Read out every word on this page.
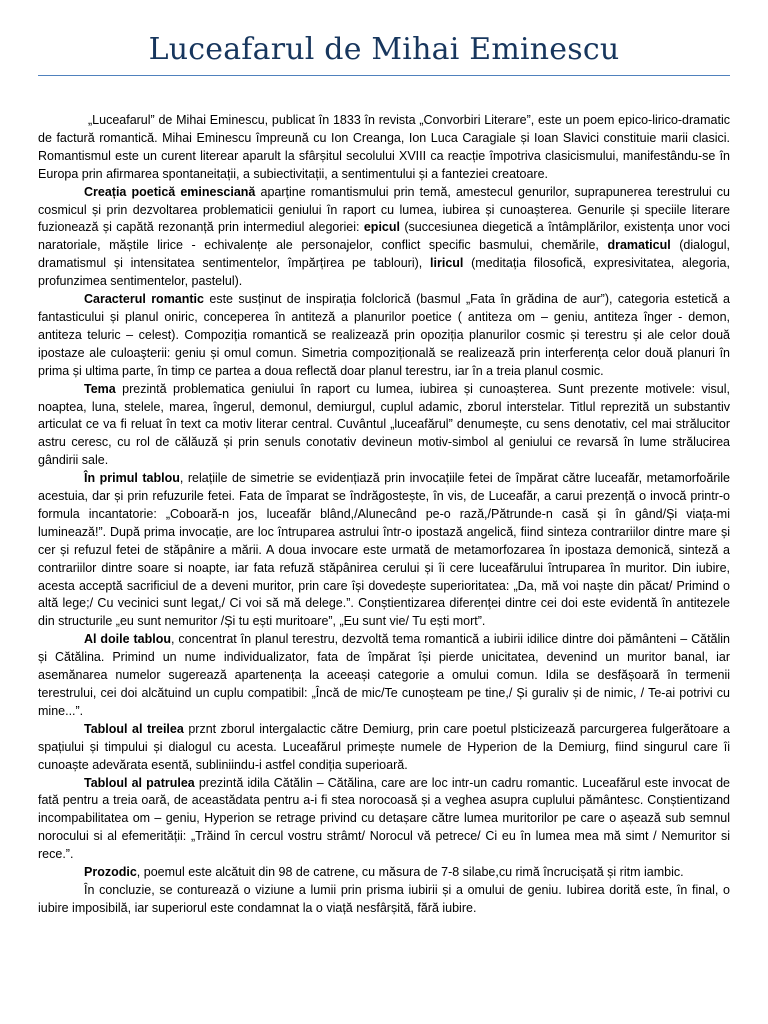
Luceafarul de Mihai Eminescu

„Luceafarul” de Mihai Eminescu, publicat în 1833 în revista „Convorbiri Literare”, este un poem epico-lirico-dramatic de factură romantică. Mihai Eminescu împreună cu Ion Creanga, Ion Luca Caragiale și Ioan Slavici constituie marii clasici. Romantismul este un curent literear aparult la sfârșitul secolului XVIII ca reacție împotriva clasicismului, manifestându-se în Europa prin afirmarea spontaneitații, a subiectivitații, a sentimentului și a fanteziei creatoare.

Creația poetică eminesciană aparține romantismului prin temă, amestecul genurilor, suprapunerea terestrului cu cosmicul și prin dezvoltarea problematicii geniului în raport cu lumea, iubirea și cunoașterea. Genurile și speciile literare fuzionează și capătă rezonanță prin intermediul alegoriei: epicul (succesiunea diegetică a întâmplărilor, existența unor voci naratoriale, măștile lirice - echivalențe ale personajelor, conflict specific basmului, chemările, dramaticul (dialogul, dramatismul și intensitatea sentimentelor, împărțirea pe tablouri), liricul (meditația filosofică, expresivitatea, alegoria, profunzimea sentimentelor, pastelul).

Caracterul romantic este susținut de inspirația folclorică (basmul „Fata în grădina de aur”), categoria estetică a fantasticului și planul oniric, conceperea în antiteză a planurilor poetice ( antiteza om – geniu, antiteza înger - demon, antiteza teluric – celest). Compoziția romantică se realizează prin opoziția planurilor cosmic și terestru și ale celor două ipostaze ale culoaşterii: geniu și omul comun. Simetria compozițională se realizează prin interferența celor două planuri în prima și ultima parte, în timp ce partea a doua reflectă doar planul terestru, iar în a treia planul cosmic.

Tema prezintă problematica geniului în raport cu lumea, iubirea și cunoașterea. Sunt prezente motivele: visul, noaptea, luna, stelele, marea, îngerul, demonul, demiurgul, cuplul adamic, zborul interstelar. Titlul reprezită un substantiv articulat ce va fi reluat în text ca motiv literar central. Cuvântul „luceafărul” denumește, cu sens denotativ, cel mai strălucitor astru ceresc, cu rol de călăuză și prin senuls conotativ devineun motiv-simbol al geniului ce revarsă în lume strălucirea gândirii sale.

În primul tablou, relațiile de simetrie se evidențiază prin invocațiile fetei de împărat către luceafăr, metamorfoările acestuia, dar și prin refuzurile fetei. Fata de împarat se îndrăgostește, în vis, de Luceafăr, a carui prezență o invocă printr-o formula incantatorie: „Coboară-n jos, luceafăr blând,/Alunecând pe-o rază,/Pătrunde-n casă și în gând/Și viața-mi luminează!”. După prima invocație, are loc întruparea astrului într-o ipostază angelică, fiind sinteza contrariilor dintre mare și cer și refuzul fetei de stăpânire a mării. A doua invocare este urmată de metamorfozarea în ipostaza demonică, sinteză a contrariilor dintre soare si noapte, iar fata refuză stăpânirea cerului și îi cere luceafărului întruparea în muritor. Din iubire, acesta acceptă sacrificiul de a deveni muritor, prin care își dovedește superioritatea: „Da, mă voi naște din păcat/ Primind o altă lege;/ Cu vecinici sunt legat,/ Ci voi să mă delege.”. Conștientizarea diferenței dintre cei doi este evidentă în antitezele din structurile „eu sunt nemuritor /Și tu ești muritoare”, „Eu sunt vie/ Tu ești mort”.

Al doile tablou, concentrat în planul terestru, dezvoltă tema romantică a iubirii idilice dintre doi pământeni – Cătălin și Cătălina. Primind un nume individualizator, fata de împărat își pierde unicitatea, devenind un muritor banal, iar asemănarea numelor sugerează apartenența la aceeași categorie a omului comun. Idila se desfășoară în termenii terestrului, cei doi alcătuind un cuplu compatibil: „Încă de mic/Te cunoșteam pe tine,/ Și guraliv și de nimic, / Te-ai potrivi cu mine...”.

Tabloul al treilea prznt zborul intergalactic către Demiurg, prin care poetul plsticizează parcurgerea fulgerătoare a spațiului și timpului și dialogul cu acesta. Luceafărul primește numele de Hyperion de la Demiurg, fiind singurul care îi cunoaște adevărata esentă, subliniindu-i astfel condiția superioară.

Tabloul al patrulea prezintă idila Cătălin – Cătălina, care are loc intr-un cadru romantic. Luceafărul este invocat de fată pentru a treia oară, de aceastădata pentru a-i fi stea norocoasă și a veghea asupra cuplului pământesc. Conștientizand incompabilitatea om – geniu, Hyperion se retrage privind cu detașare către lumea muritorilor pe care o așează sub semnul norocului si al efemerității: „Trăind în cercul vostru strâmt/ Norocul vă petrece/ Ci eu în lumea mea mă simt / Nemuritor si rece.”.

Prozodic, poemul este alcătuit din 98 de catrene, cu măsura de 7-8 silabe,cu rimă încrucișată și ritm iambic.

În concluzie, se contureazǎ o viziune a lumii prin prisma iubirii și a omului de geniu. Iubirea dorită este, în final, o iubire imposibilă, iar superiorul este condamnat la o viață nesfârșită, fără iubire.
